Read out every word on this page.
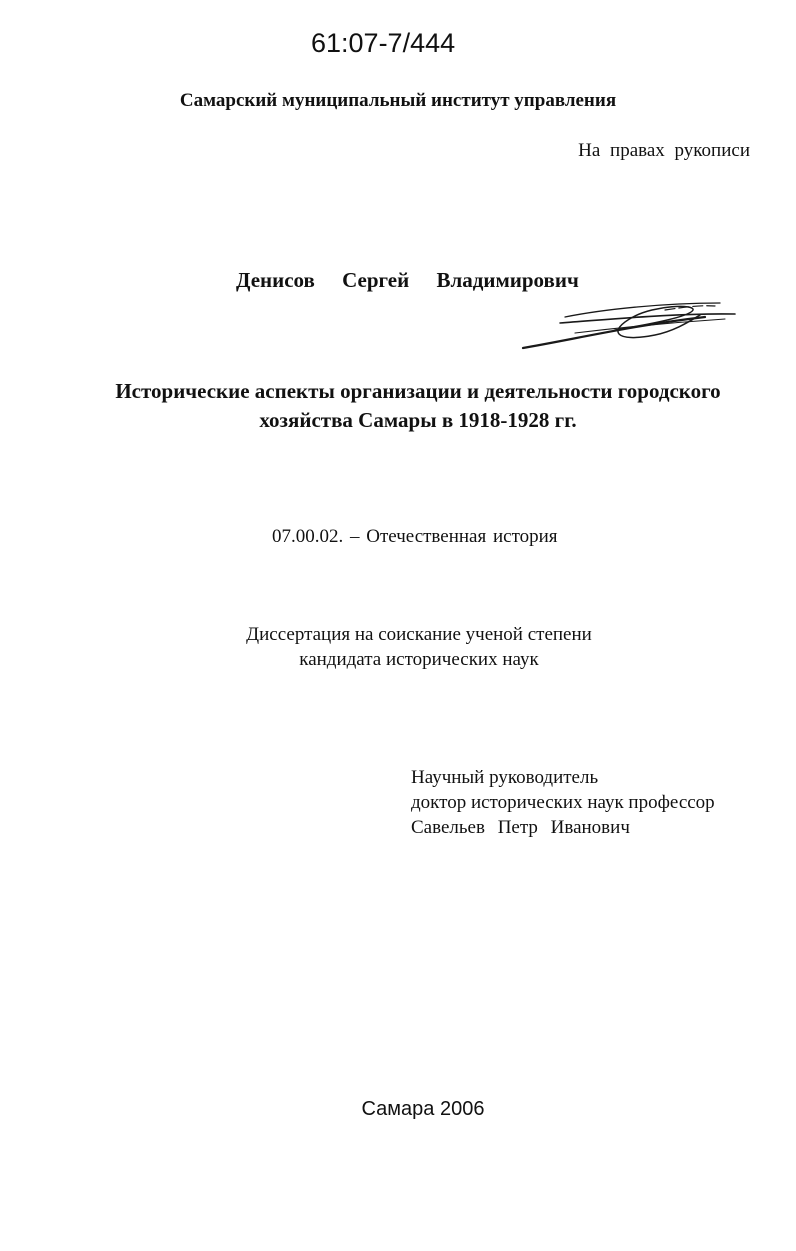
61:07-7/444
Самарский муниципальный институт управления
На правах рукописи
Денисов Сергей Владимирович
Исторические аспекты организации и деятельности городского
хозяйства Самары в 1918-1928 гг.
07.00.02. – Отечественная история
Диссертация на соискание ученой степени
кандидата исторических наук
Научный руководитель
доктор исторических наук профессор
Савельев Петр Иванович
Самара 2006
